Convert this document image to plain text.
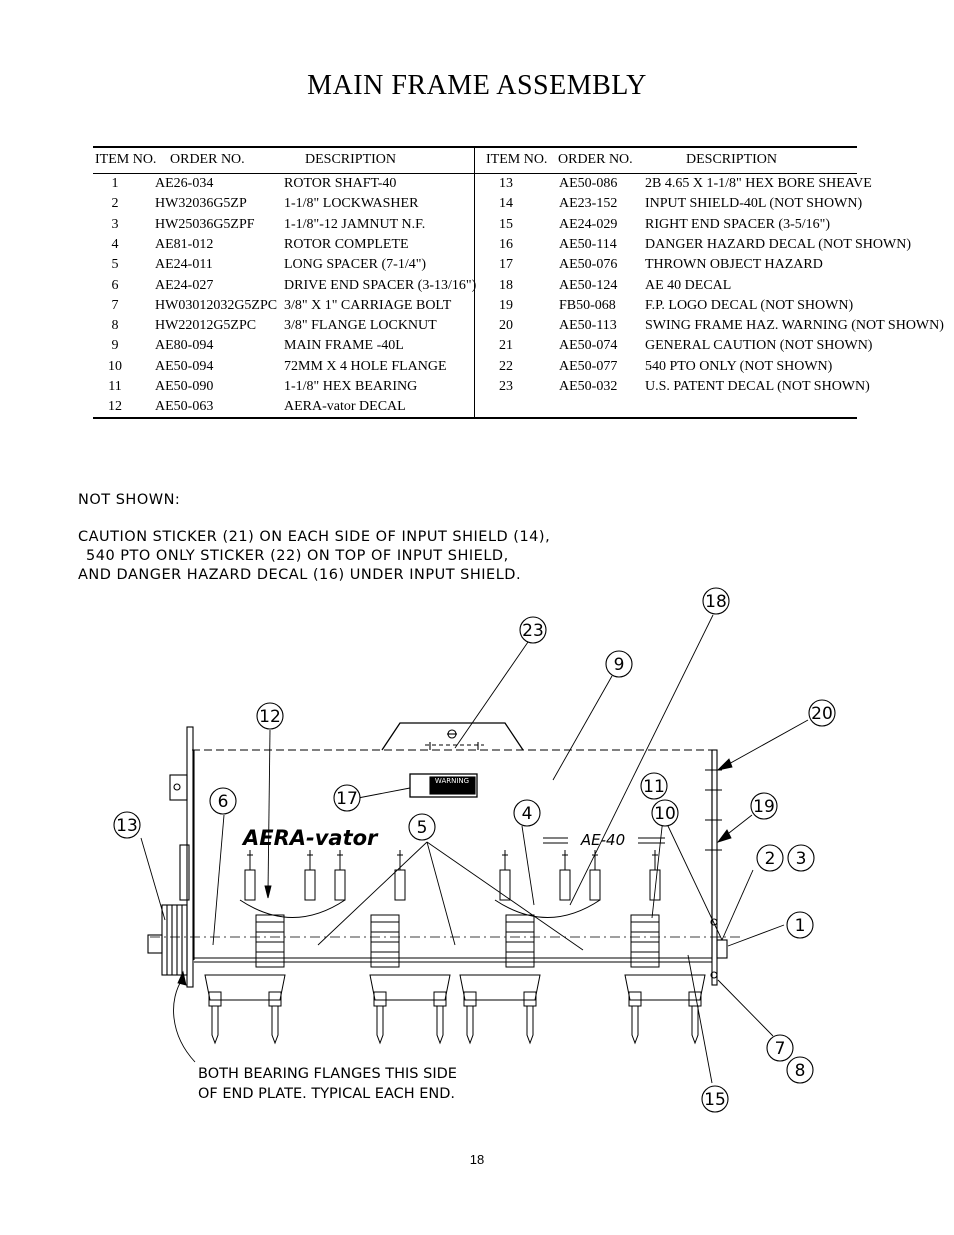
MAIN FRAME ASSEMBLY
ITEM NO. ORDER NO.	DESCRIPTION	ITEM NO. ORDER NO.	DESCRIPTION
1	AE26-034	ROTOR SHAFT-40
2	HW32036G5ZP	1-1/8" LOCKWASHER
3	HW25036G5ZPF 1-1/8"-12 JAMNUT N.F.
4	AE81-012	ROTOR COMPLETE
5	AE24-011	LONG SPACER (7-1/4")
6	AE24-027	DRIVE END SPACER (3-13/16")
7	HW03012032G5ZPC 3/8" X 1" CARRIAGE BOLT
8	HW22012G5ZPC 3/8" FLANGE LOCKNUT
9	AE80-094	MAIN FRAME -40L
10	AE50-094	72MM X 4 HOLE FLANGE
11	AE50-090	1-1/8" HEX BEARING
12	AE50-063	AERA-vator DECAL
13	AE50-086 2B 4.65 X 1-1/8" HEX BORE SHEAVE
14	AE23-152 INPUT SHIELD-40L (NOT SHOWN)
15	AE24-029 RIGHT END SPACER (3-5/16")
16	AE50-114 DANGER HAZARD DECAL (NOT SHOWN)
17	AE50-076 THROWN OBJECT HAZARD
18	AE50-124 AE 40 DECAL
19	FB50-068 F.P. LOGO DECAL (NOT SHOWN)
20	AE50-113 SWING FRAME HAZ. WARNING (NOT SHOWN)
21	AE50-074 GENERAL CAUTION (NOT SHOWN)
22	AE50-077 540 PTO ONLY (NOT SHOWN)
23	AE50-032 U.S. PATENT DECAL (NOT SHOWN)
NOT SHOWN:
CAUTION STICKER (21) ON EACH SIDE OF INPUT SHIELD (14),
540 PTO ONLY STICKER (22) ON TOP OF INPUT SHIELD,
AND DANGER HAZARD DECAL (16) UNDER INPUT SHIELD.
WARNING
AERA-vator	AE-40
1
2 3
4
5
6
7
8
9
10
11
12
13
15
17
18
19
20
23
BOTH BEARING FLANGES THIS SIDE
OF END PLATE. TYPICAL EACH END.
18
